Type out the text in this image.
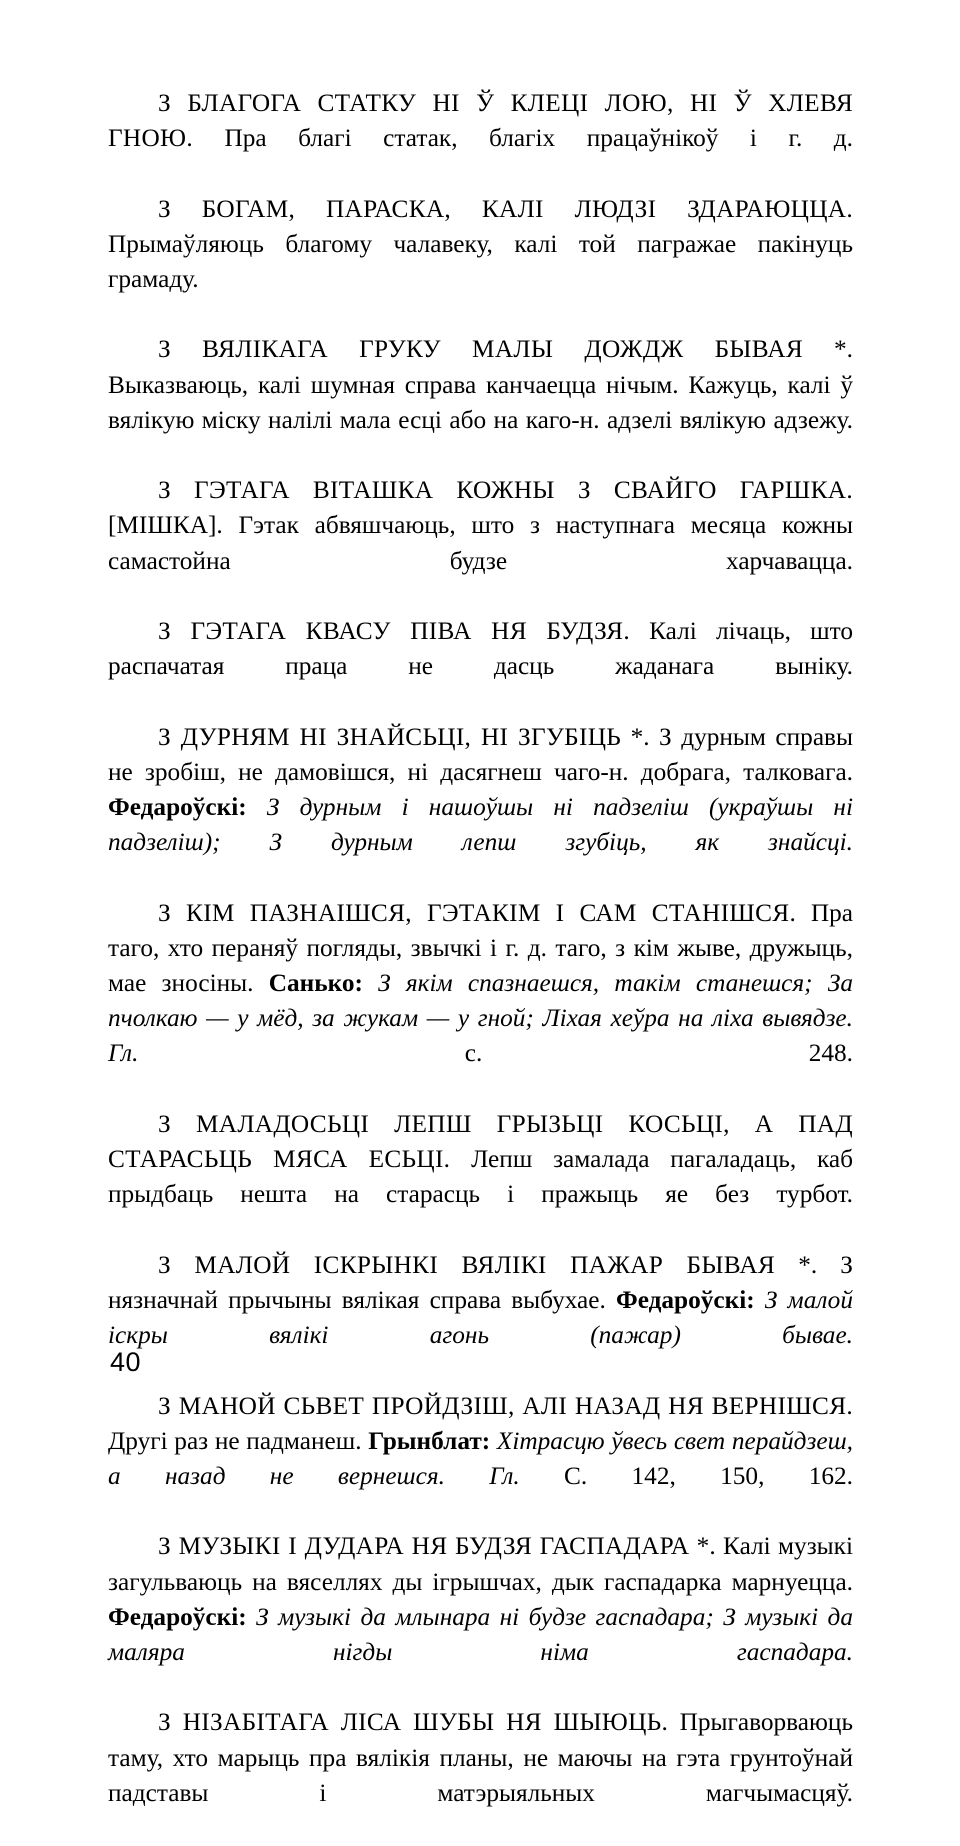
З БЛАГОГА СТАТКУ НІ Ў КЛЕЦІ ЛОЮ, НІ Ў ХЛЕВЯ ГНОЮ. Пра благі статак, благіх працаўнікоў і г. д.

З БОГАМ, ПАРАСКА, КАЛІ ЛЮДЗІ ЗДАРАЮЦЦА. Прымаўляюць благому чалавеку, калі той пагражае пакінуць грамаду.

З ВЯЛІКАГА ГРУКУ МАЛЫ ДОЖДЖ БЫВАЯ *. Выказваюць, калі шумная справа канчаецца нічым. Кажуць, калі ў вялікую міску налілі мала есці або на каго-н. адзелі вялікую адзежу.

З ГЭТАГА ВІТАШКА КОЖНЫ З СВАЙГО ГАРШКА. [МІШКА]. Гэтак абвяшчаюць, што з наступнага месяца кожны самастойна будзе харчавацца.

З ГЭТАГА КВАСУ ПІВА НЯ БУДЗЯ. Калі лічаць, што распачатая праца не дасць жаданага выніку.

З ДУРНЯМ НІ ЗНАЙСЬЦІ, НІ ЗГУБІЦЬ *. З дурным справы не зробіш, не дамовішся, ні дасягнеш чаго-н. добрага, талковага. Федароўскі: З дурным і нашоўшы ні падзеліш (украўшы ні падзеліш); З дурным лепш згубіць, як знайсці.

З КІМ ПАЗНАІШСЯ, ГЭТАКІМ І САМ СТАНІШСЯ. Пра таго, хто пераняў погляды, звычкі і г. д. таго, з кім жыве, дружыць, мае зносіны. Санько: З якім спазнаешся, такім станешся; За пчолкаю — у мёд, за жукам — у гной; Ліхая хеўра на ліха вывядзе. Гл. с. 248.

З МАЛАДОСЬЦІ ЛЕПШ ГРЫЗЬЦІ КОСЬЦІ, А ПАД СТАРАСЬЦЬ МЯСА ЕСЬЦІ. Лепш замалада пагаладаць, каб прыдбаць нешта на старасць і пражыць яе без турбот.

З МАЛОЙ ІСКРЫНКІ ВЯЛІКІ ПАЖАР БЫВАЯ *. З нязначнай прычыны вялікая справа выбухае. Федароўскі: З малой іскры вялікі агонь (пажар) бывае.

З МАНОЙ СЬВЕТ ПРОЙДЗІШ, АЛІ НАЗАД НЯ ВЕРНІШСЯ. Другі раз не падманеш. Грынблат: Хітрасцю ўвесь свет перайдзеш, а назад не вернешся. Гл. С. 142, 150, 162.

З МУЗЫКІ І ДУДАРА НЯ БУДЗЯ ГАСПАДАРА *. Калі музыкі загульваюць на вяселлях ды ігрышчах, дык гаспадарка марнуецца. Федароўскі: З музыкі да млынара ні будзе гаспадара; З музыкі да маляра нігды німа гаспадара.

З НІЗАБІТАГА ЛІСА ШУБЫ НЯ ШЫЮЦЬ. Прыгаворваюць таму, хто марыць пра вялікія планы, не маючы на гэта грунтоўнай падставы і матэрыяльных магчымасцяў.

40
